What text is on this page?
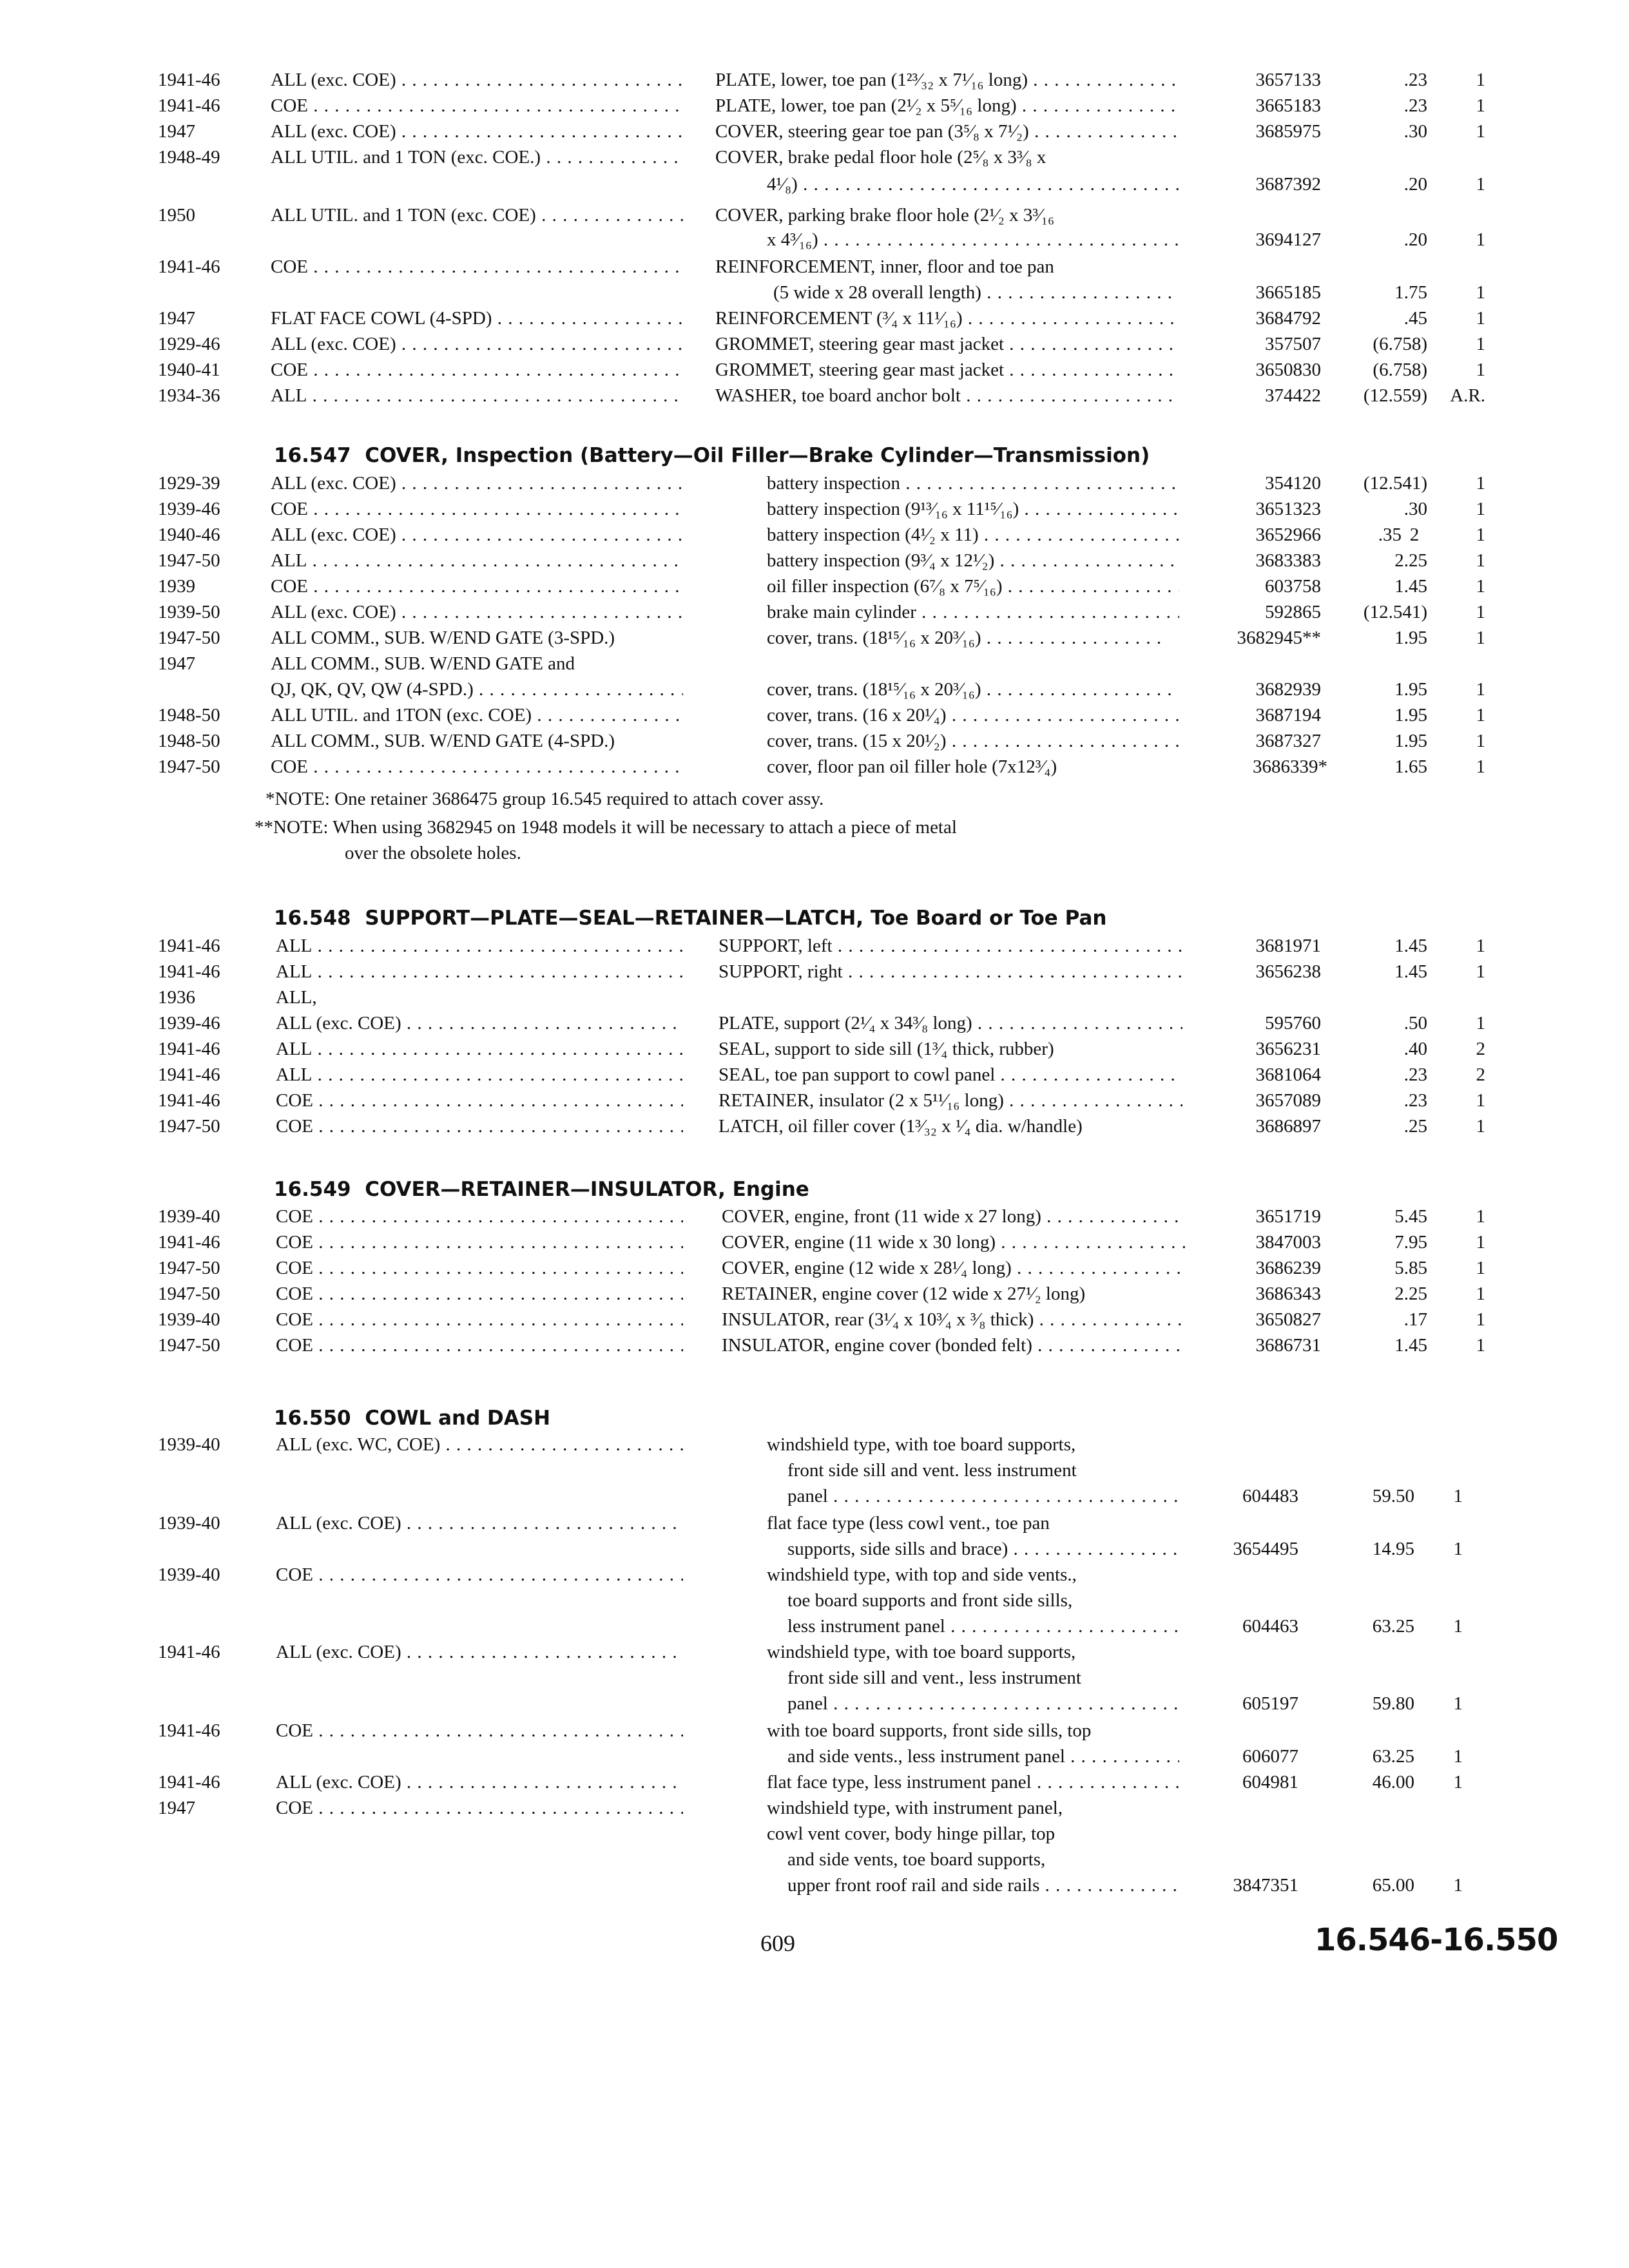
1941-46	ALL (exc. COE) . . .	PLATE, lower, toe pan (1²³⁄₃₂ x 7¹⁄₁₆ long) . . .	3657133	.23	1
1941-46	COE . . .	PLATE, lower, toe pan (2¹⁄₂ x 5⁵⁄₁₆ long) . . .	3665183	.23	1
1947	ALL (exc. COE) . . .	COVER, steering gear toe pan (3⁵⁄₈ x 7¹⁄₂) . . .	3685975	.30	1
1948-49	ALL UTIL. and 1 TON (exc. COE.) . . .	COVER, brake pedal floor hole (2⁵⁄₈ x 3³⁄₈ x
4¹⁄₈) . . .	3687392	.20	1
1950	ALL UTIL. and 1 TON (exc. COE) . . .	COVER, parking brake floor hole (2¹⁄₂ x 3³⁄₁₆
x 4³⁄₁₆) . . .	3694127	.20	1
1941-46	COE . . .	REINFORCEMENT, inner, floor and toe pan
(5 wide x 28 overall length) . . .	3665185	1.75	1
1947	FLAT FACE COWL (4-SPD) . . .	REINFORCEMENT (³⁄₄ x 11¹⁄₁₆) . . .	3684792	.45	1
1929-46	ALL (exc. COE) . . .	GROMMET, steering gear mast jacket . . .	357507	(6.758)	1
1940-41	COE . . .	GROMMET, steering gear mast jacket . . .	3650830	(6.758)	1
1934-36	ALL . . .	WASHER, toe board anchor bolt . . .	374422	(12.559)	A.R.
16.547 COVER, Inspection (Battery—Oil Filler—Brake Cylinder—Transmission)
1929-39	ALL (exc. COE) . . .	battery inspection . . .	354120	(12.541)	1
1939-46	COE . . .	battery inspection (9¹³⁄₁₆ x 11¹⁵⁄₁₆) . . .	3651323	.30	1
1940-46	ALL (exc. COE) . . .	battery inspection (4¹⁄₂ x 11) . . .	3652966	.35 2	1
1947-50	ALL . . .	battery inspection (9³⁄₄ x 12¹⁄₂) . . .	3683383	2.25	1
1939	COE . . .	oil filler inspection (6⁷⁄₈ x 7⁵⁄₁₆) . . .	603758	1.45	1
1939-50	ALL (exc. COE) . . .	brake main cylinder . . .	592865	(12.541)	1
1947-50	ALL COMM., SUB. W/END GATE (3-SPD.)	cover, trans. (18¹⁵⁄₁₆ x 20³⁄₁₆) . . .	3682945**	1.95	1
1947	ALL COMM., SUB. W/END GATE and
QJ, QK, QV, QW (4-SPD.) . . .	cover, trans. (18¹⁵⁄₁₆ x 20³⁄₁₆) . . .	3682939	1.95	1
1948-50	ALL UTIL. and 1TON (exc. COE) . . .	cover, trans. (16 x 20¹⁄₄) . . .	3687194	1.95	1
1948-50	ALL COMM., SUB. W/END GATE (4-SPD.)	cover, trans. (15 x 20¹⁄₂) . . .	3687327	1.95	1
1947-50	COE . . .	cover, floor pan oil filler hole (7x12³⁄₄)	3686339*	1.65	1
*NOTE: One retainer 3686475 group 16.545 required to attach cover assy.
**NOTE: When using 3682945 on 1948 models it will be necessary to attach a piece of metal
over the obsolete holes.
16.548 SUPPORT—PLATE—SEAL—RETAINER—LATCH, Toe Board or Toe Pan
1941-46	ALL . . .	SUPPORT, left . . .	3681971	1.45	1
1941-46	ALL . . .	SUPPORT, right . . .	3656238	1.45	1
1936	ALL,
1939-46	ALL (exc. COE) . . .	PLATE, support (2¹⁄₄ x 34³⁄₈ long) . . .	595760	.50	1
1941-46	ALL . . .	SEAL, support to side sill (1³⁄₄ thick, rubber)	3656231	.40	2
1941-46	ALL . . .	SEAL, toe pan support to cowl panel . . .	3681064	.23	2
1941-46	COE . . .	RETAINER, insulator (2 x 5¹¹⁄₁₆ long) . . .	3657089	.23	1
1947-50	COE . . .	LATCH, oil filler cover (1³⁄₃₂ x ¹⁄₄ dia. w/handle)	3686897	.25	1
16.549 COVER—RETAINER—INSULATOR, Engine
1939-40	COE . . .	COVER, engine, front (11 wide x 27 long) . . .	3651719	5.45	1
1941-46	COE . . .	COVER, engine (11 wide x 30 long) . . .	3847003	7.95	1
1947-50	COE . . .	COVER, engine (12 wide x 28¹⁄₄ long) . . .	3686239	5.85	1
1947-50	COE . . .	RETAINER, engine cover (12 wide x 27¹⁄₂ long)	3686343	2.25	1
1939-40	COE . . .	INSULATOR, rear (3¹⁄₄ x 10³⁄₄ x ³⁄₈ thick) . . .	3650827	.17	1
1947-50	COE . . .	INSULATOR, engine cover (bonded felt) . . .	3686731	1.45	1
16.550 COWL and DASH
1939-40	ALL (exc. WC, COE) . . .	windshield type, with toe board supports,
front side sill and vent. less instrument
panel . . .	604483	59.50	1
1939-40	ALL (exc. COE) . . .	flat face type (less cowl vent., toe pan
supports, side sills and brace) . . .	3654495	14.95	1
1939-40	COE . . .	windshield type, with top and side vents.,
toe board supports and front side sills,
less instrument panel . . .	604463	63.25	1
1941-46	ALL (exc. COE) . . .	windshield type, with toe board supports,
front side sill and vent., less instrument
panel . . .	605197	59.80	1
1941-46	COE . . .	with toe board supports, front side sills, top
and side vents., less instrument panel . . .	606077	63.25	1
1941-46	ALL (exc. COE) . . .	flat face type, less instrument panel . . .	604981	46.00	1
1947	COE . . .	windshield type, with instrument panel,
cowl vent cover, body hinge pillar, top
and side vents, toe board supports,
upper front roof rail and side rails . . .	3847351	65.00	1
609	16.546-16.550
